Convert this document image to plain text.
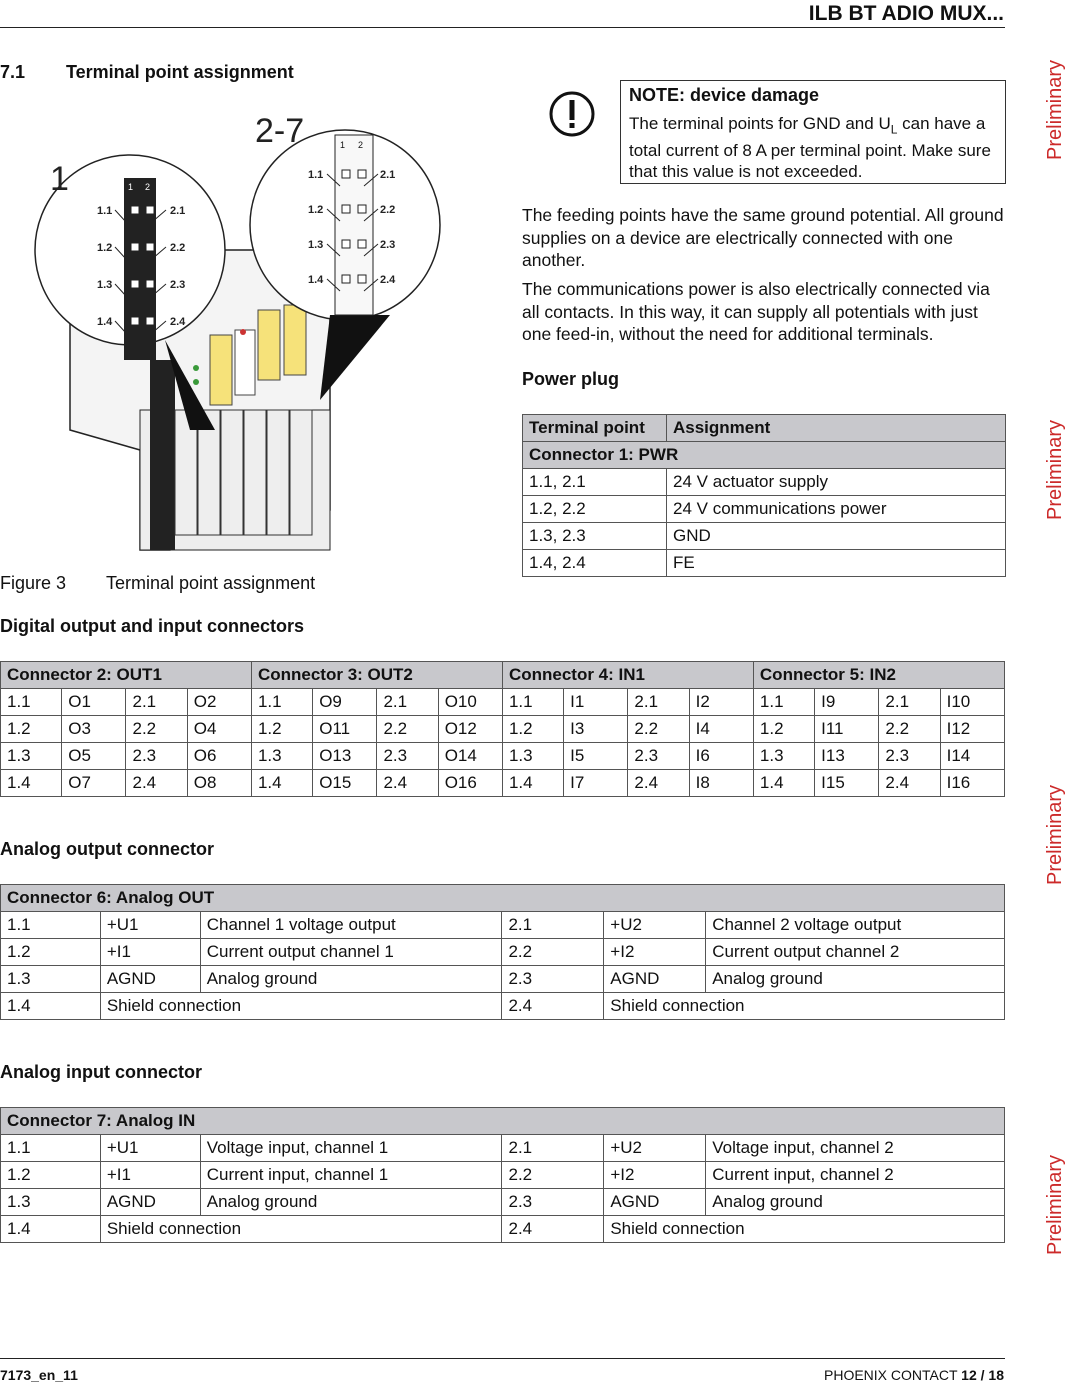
ILB BT ADIO MUX...
Preliminary
Preliminary
Preliminary
Preliminary
7.1 Terminal point assignment
1 2
1 2
1
2-7
1.1	2.1
1.2	2.2
1.3	2.3
1.4	2.4
1.1	2.1
1.2	2.2
1.3	2.3
1.4	2.4
Figure 3 Terminal point assignment
NOTE: device damage
The terminal points for GND and $U_L$ can have a total current of 8 A per terminal point. Make sure that this value is not exceeded.
The feeding points have the same ground potential. All ground supplies on a device are electrically connected with one another.
The communications power is also electrically connected via all contacts. In this way, it can supply all potentials with just one feed-in, without the need for additional terminals.
Power plug
Terminal point	Assignment
Connector 1: PWR	
1.1, 2.1	24 V actuator supply
1.2, 2.2	24 V communications power
1.3, 2.3	GND
1.4, 2.4	FE
Digital output and input connectors
Connector 2: OUT1				Connector 3: OUT2				Connector 4: IN1				Connector 5: IN2			
1.1	O1	2.1	O2	1.1	O9	2.1	O10	1.1	I1	2.1	I2	1.1	I9	2.1	I10
1.2	O3	2.2	O4	1.2	O11	2.2	O12	1.2	I3	2.2	I4	1.2	I11	2.2	I12
1.3	O5	2.3	O6	1.3	O13	2.3	O14	1.3	I5	2.3	I6	1.3	I13	2.3	I14
1.4	O7	2.4	O8	1.4	O15	2.4	O16	1.4	I7	2.4	I8	1.4	I15	2.4	I16
Analog output connector
Connector 6: Analog OUT					
1.1	+U1	Channel 1 voltage output	2.1	+U2	Channel 2 voltage output
1.2	+I1	Current output channel 1	2.2	+I2	Current output channel 2
1.3	AGND	Analog ground	2.3	AGND	Analog ground
1.4	Shield connection		2.4	Shield connection	
Analog input connector
Connector 7: Analog IN					
1.1	+U1	Voltage input, channel 1	2.1	+U2	Voltage input, channel 2
1.2	+I1	Current input, channel 1	2.2	+I2	Current input, channel 2
1.3	AGND	Analog ground	2.3	AGND	Analog ground
1.4	Shield connection		2.4	Shield connection	
7173_en_11	PHOENIX CONTACT 12 / 18
